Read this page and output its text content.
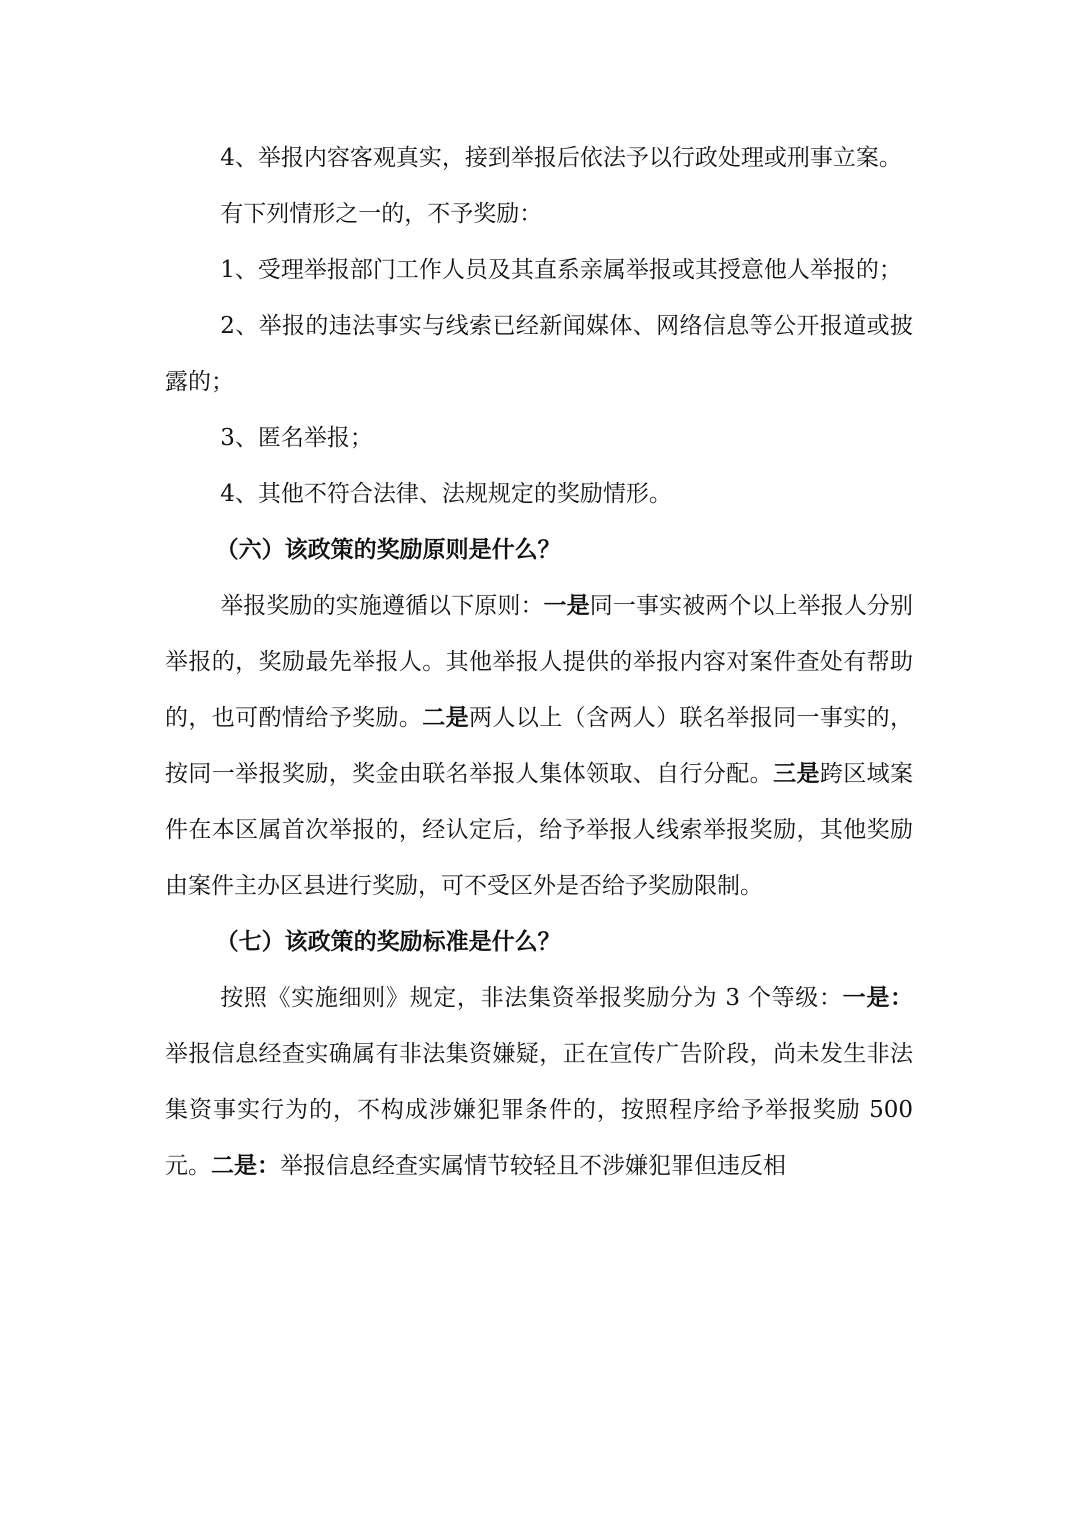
4、举报内容客观真实，接到举报后依法予以行政处理或刑事立案。

有下列情形之一的，不予奖励：

1、受理举报部门工作人员及其直系亲属举报或其授意他人举报的；

2、举报的违法事实与线索已经新闻媒体、网络信息等公开报道或披露的；

3、匿名举报；

4、其他不符合法律、法规规定的奖励情形。

（六）该政策的奖励原则是什么？

举报奖励的实施遵循以下原则：一是同一事实被两个以上举报人分别举报的，奖励最先举报人。其他举报人提供的举报内容对案件查处有帮助的，也可酌情给予奖励。二是两人以上（含两人）联名举报同一事实的，按同一举报奖励，奖金由联名举报人集体领取、自行分配。三是跨区域案件在本区属首次举报的，经认定后，给予举报人线索举报奖励，其他奖励由案件主办区县进行奖励，可不受区外是否给予奖励限制。

（七）该政策的奖励标准是什么？

按照《实施细则》规定，非法集资举报奖励分为 3 个等级：一是：举报信息经查实确属有非法集资嫌疑，正在宣传广告阶段，尚未发生非法集资事实行为的，不构成涉嫌犯罪条件的，按照程序给予举报奖励 500 元。二是：举报信息经查实属情节较轻且不涉嫌犯罪但违反相
